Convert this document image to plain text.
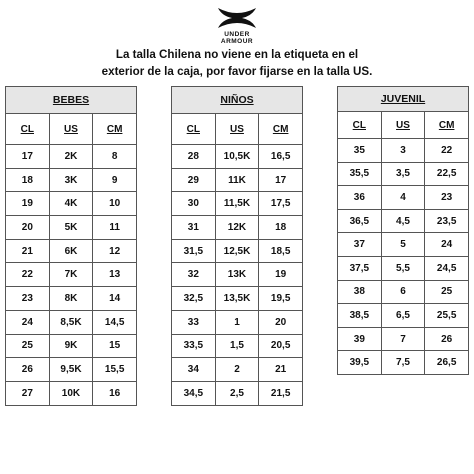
UNDER ARMOUR

La talla Chilena no viene en la etiqueta en el

exterior de la caja, por favor fijarse en la talla US.

BEBES		
CL	US	CM
17	2K	8
18	3K	9
19	4K	10
20	5K	11
21	6K	12
22	7K	13
23	8K	14
24	8,5K	14,5
25	9K	15
26	9,5K	15,5
27	10K	16
NIÑOS		
CL	US	CM
28	10,5K	16,5
29	11K	17
30	11,5K	17,5
31	12K	18
31,5	12,5K	18,5
32	13K	19
32,5	13,5K	19,5
33	1	20
33,5	1,5	20,5
34	2	21
34,5	2,5	21,5
JUVENIL		
CL	US	CM
35	3	22
35,5	3,5	22,5
36	4	23
36,5	4,5	23,5
37	5	24
37,5	5,5	24,5
38	6	25
38,5	6,5	25,5
39	7	26
39,5	7,5	26,5
